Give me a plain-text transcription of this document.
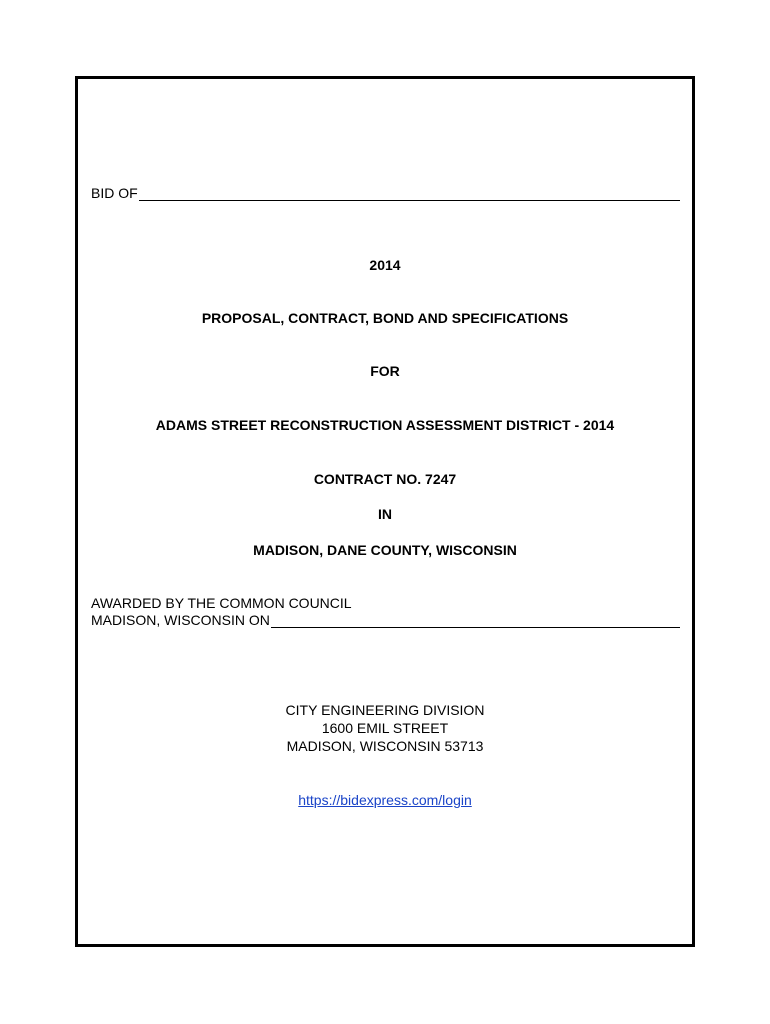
BID OF
2014
PROPOSAL, CONTRACT, BOND AND SPECIFICATIONS
FOR
ADAMS STREET RECONSTRUCTION ASSESSMENT DISTRICT - 2014
CONTRACT NO. 7247
IN
MADISON, DANE COUNTY, WISCONSIN
AWARDED BY THE COMMON COUNCIL
MADISON, WISCONSIN ON
CITY ENGINEERING DIVISION
1600 EMIL STREET
MADISON, WISCONSIN 53713
https://bidexpress.com/login
